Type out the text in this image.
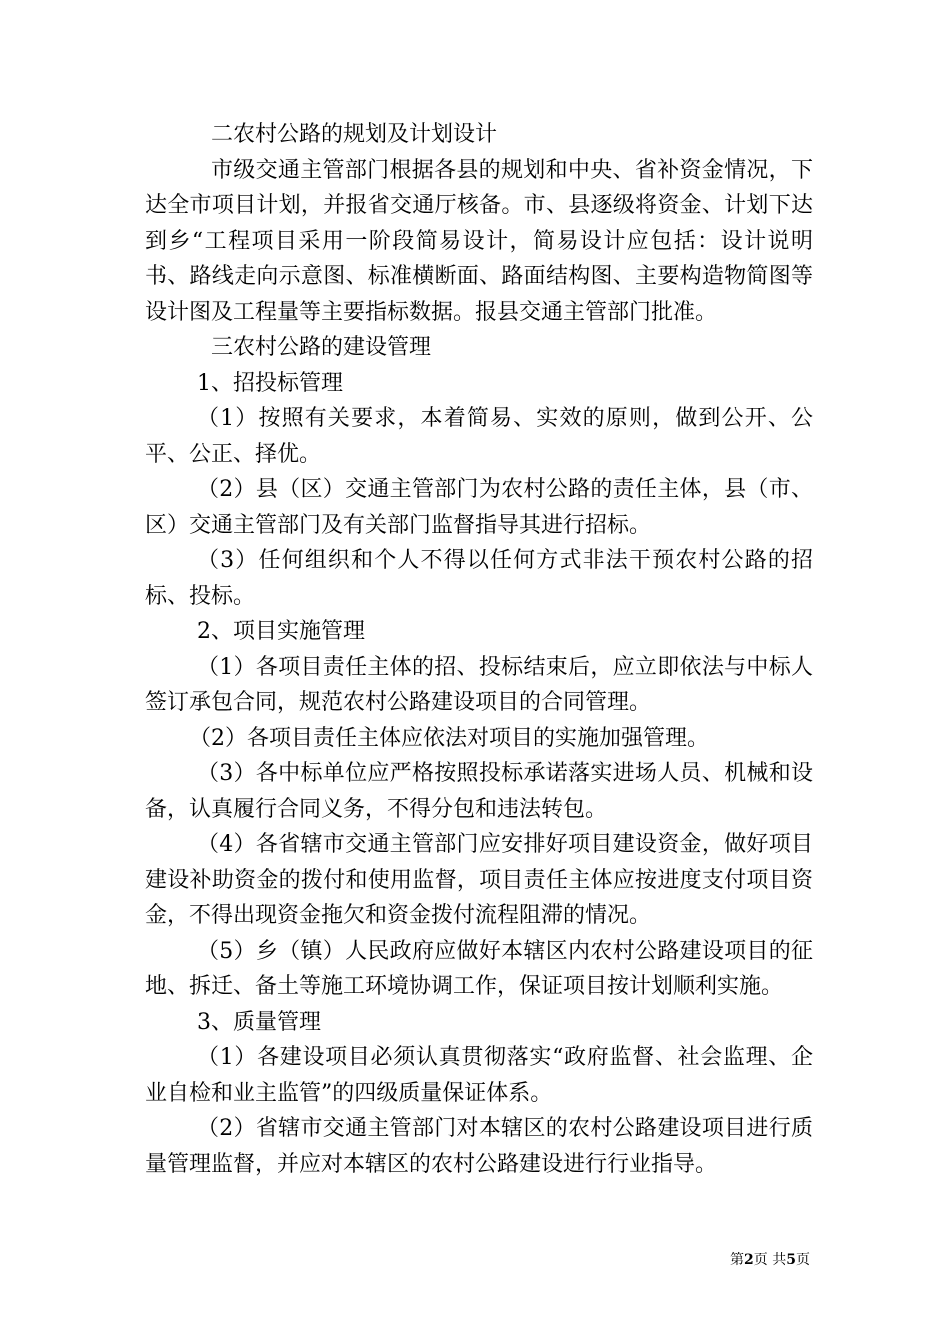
二农村公路的规划及计划设计

市级交通主管部门根据各县的规划和中央、省补资金情况，下达全市项目计划，并报省交通厅核备。市、县逐级将资金、计划下达到乡“工程项目采用一阶段简易设计，简易设计应包括：设计说明书、路线走向示意图、标准横断面、路面结构图、主要构造物简图等设计图及工程量等主要指标数据。报县交通主管部门批准。

三农村公路的建设管理

1、招投标管理

（1）按照有关要求，本着简易、实效的原则，做到公开、公平、公正、择优。

（2）县（区）交通主管部门为农村公路的责任主体，县（市、区）交通主管部门及有关部门监督指导其进行招标。

（3）任何组织和个人不得以任何方式非法干预农村公路的招标、投标。

2、项目实施管理

（1）各项目责任主体的招、投标结束后，应立即依法与中标人签订承包合同，规范农村公路建设项目的合同管理。

（2）各项目责任主体应依法对项目的实施加强管理。

（3）各中标单位应严格按照投标承诺落实进场人员、机械和设备，认真履行合同义务，不得分包和违法转包。

（4）各省辖市交通主管部门应安排好项目建设资金，做好项目建设补助资金的拨付和使用监督，项目责任主体应按进度支付项目资金，不得出现资金拖欠和资金拨付流程阻滞的情况。

（5）乡（镇）人民政府应做好本辖区内农村公路建设项目的征地、拆迁、备土等施工环境协调工作，保证项目按计划顺利实施。

3、质量管理

（1）各建设项目必须认真贯彻落实“政府监督、社会监理、企业自检和业主监管”的四级质量保证体系。

（2）省辖市交通主管部门对本辖区的农村公路建设项目进行质量管理监督，并应对本辖区的农村公路建设进行行业指导。

第2页 共5页
